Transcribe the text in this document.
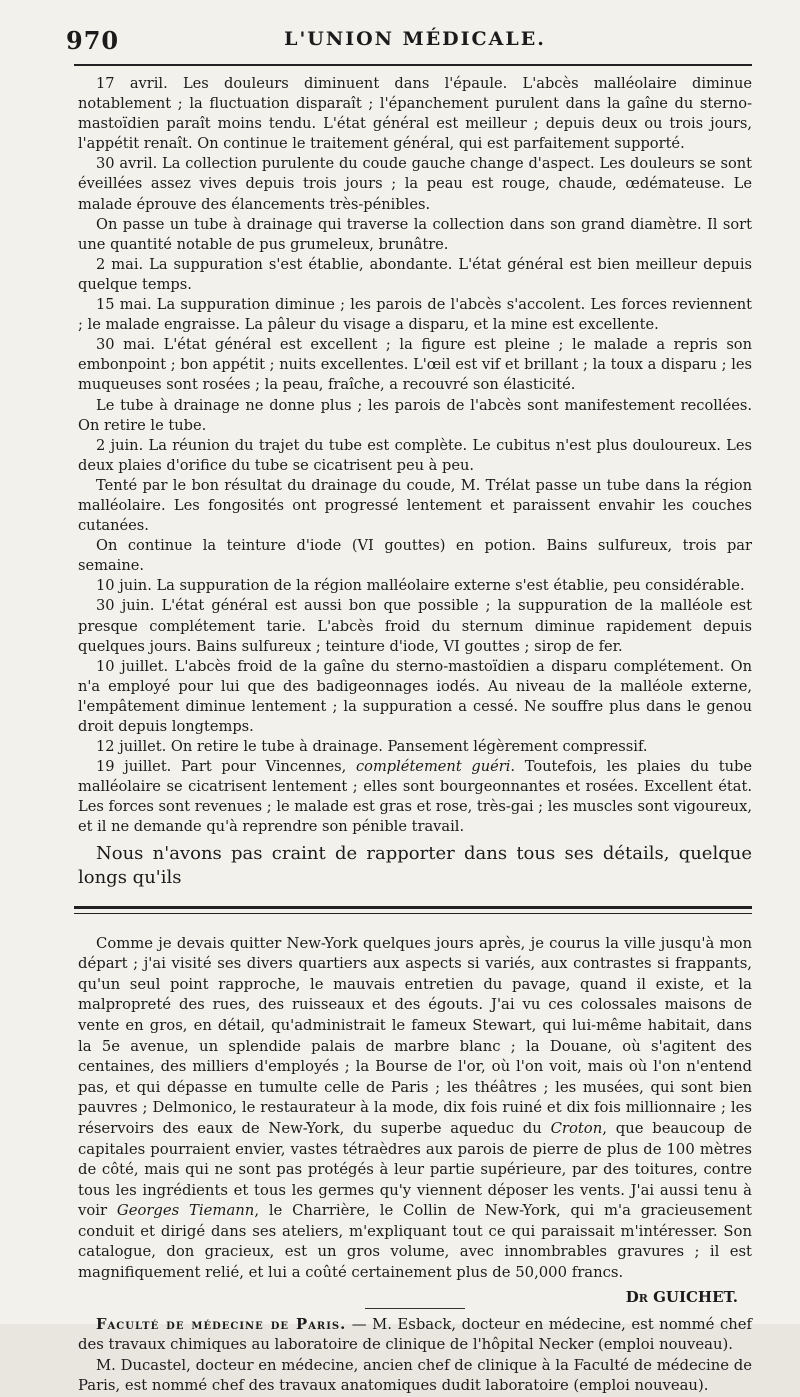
970	L'UNION MÉDICALE.

17 avril. Les douleurs diminuent dans l'épaule. L'abcès malléolaire diminue notablement ; la fluctuation disparaît ; l'épanchement purulent dans la gaîne du sterno-mastoïdien paraît moins tendu. L'état général est meilleur ; depuis deux ou trois jours, l'appétit renaît. On continue le traitement général, qui est parfaitement supporté.

30 avril. La collection purulente du coude gauche change d'aspect. Les douleurs se sont éveillées assez vives depuis trois jours ; la peau est rouge, chaude, œdémateuse. Le malade éprouve des élancements très-pénibles.

On passe un tube à drainage qui traverse la collection dans son grand diamètre. Il sort une quantité notable de pus grumeleux, brunâtre.

2 mai. La suppuration s'est établie, abondante. L'état général est bien meilleur depuis quelque temps.

15 mai. La suppuration diminue ; les parois de l'abcès s'accolent. Les forces reviennent ; le malade engraisse. La pâleur du visage a disparu, et la mine est excellente.

30 mai. L'état général est excellent ; la figure est pleine ; le malade a repris son embonpoint ; bon appétit ; nuits excellentes. L'œil est vif et brillant ; la toux a disparu ; les muqueuses sont rosées ; la peau, fraîche, a recouvré son élasticité.

Le tube à drainage ne donne plus ; les parois de l'abcès sont manifestement recollées. On retire le tube.

2 juin. La réunion du trajet du tube est complète. Le cubitus n'est plus douloureux. Les deux plaies d'orifice du tube se cicatrisent peu à peu.

Tenté par le bon résultat du drainage du coude, M. Trélat passe un tube dans la région malléolaire. Les fongosités ont progressé lentement et paraissent envahir les couches cutanées.

On continue la teinture d'iode (VI gouttes) en potion. Bains sulfureux, trois par semaine.

10 juin. La suppuration de la région malléolaire externe s'est établie, peu considérable.

30 juin. L'état général est aussi bon que possible ; la suppuration de la malléole est presque complétement tarie. L'abcès froid du sternum diminue rapidement depuis quelques jours. Bains sulfureux ; teinture d'iode, VI gouttes ; sirop de fer.

10 juillet. L'abcès froid de la gaîne du sterno-mastoïdien a disparu complétement. On n'a employé pour lui que des badigeonnages iodés. Au niveau de la malléole externe, l'empâtement diminue lentement ; la suppuration a cessé. Ne souffre plus dans le genou droit depuis longtemps.

12 juillet. On retire le tube à drainage. Pansement légèrement compressif.

19 juillet. Part pour Vincennes, complétement guéri. Toutefois, les plaies du tube malléolaire se cicatrisent lentement ; elles sont bourgeonnantes et rosées. Excellent état. Les forces sont revenues ; le malade est gras et rose, très-gai ; les muscles sont vigoureux, et il ne demande qu'à reprendre son pénible travail.

Nous n'avons pas craint de rapporter dans tous ses détails, quelque longs qu'ils

Comme je devais quitter New-York quelques jours après, je courus la ville jusqu'à mon départ ; j'ai visité ses divers quartiers aux aspects si variés, aux contrastes si frappants, qu'un seul point rapproche, le mauvais entretien du pavage, quand il existe, et la malpropreté des rues, des ruisseaux et des égouts. J'ai vu ces colossales maisons de vente en gros, en détail, qu'administrait le fameux Stewart, qui lui-même habitait, dans la 5e avenue, un splendide palais de marbre blanc ; la Douane, où s'agitent des centaines, des milliers d'employés ; la Bourse de l'or, où l'on voit, mais où l'on n'entend pas, et qui dépasse en tumulte celle de Paris ; les théâtres ; les musées, qui sont bien pauvres ; Delmonico, le restaurateur à la mode, dix fois ruiné et dix fois millionnaire ; les réservoirs des eaux de New-York, du superbe aqueduc du Croton, que beaucoup de capitales pourraient envier, vastes tétraèdres aux parois de pierre de plus de 100 mètres de côté, mais qui ne sont pas protégés à leur partie supérieure, par des toitures, contre tous les ingrédients et tous les germes qu'y viennent déposer les vents. J'ai aussi tenu à voir Georges Tiemann, le Charrière, le Collin de New-York, qui m'a gracieusement conduit et dirigé dans ses ateliers, m'expliquant tout ce qui paraissait m'intéresser. Son catalogue, don gracieux, est un gros volume, avec innombrables gravures ; il est magnifiquement relié, et lui a coûté certainement plus de 50,000 francs.

Dr GUICHET.

Faculté de médecine de Paris. — M. Esback, docteur en médecine, est nommé chef des travaux chimiques au laboratoire de clinique de l'hôpital Necker (emploi nouveau).

M. Ducastel, docteur en médecine, ancien chef de clinique à la Faculté de médecine de Paris, est nommé chef des travaux anatomiques dudit laboratoire (emploi nouveau).
